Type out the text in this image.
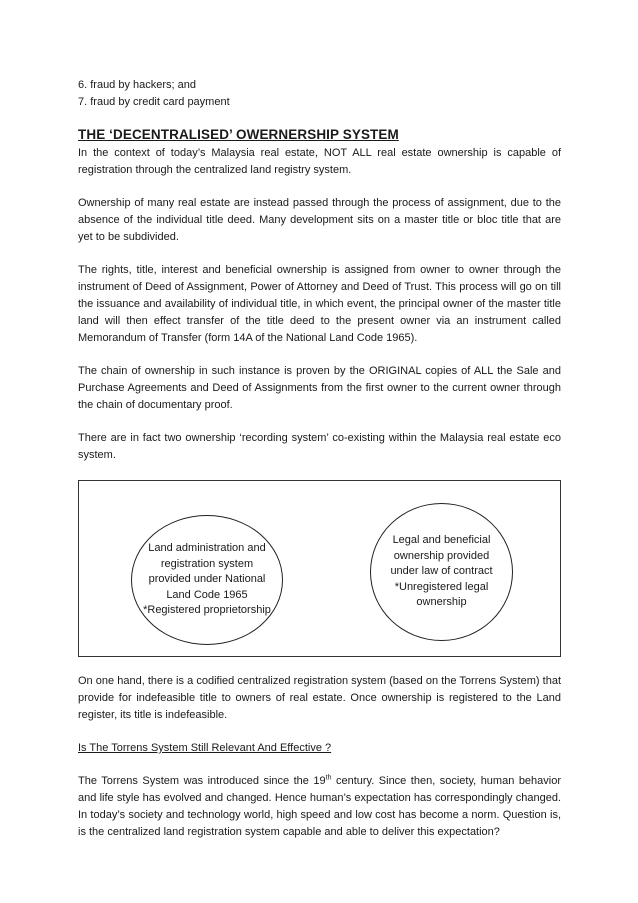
6. fraud by hackers; and

7. fraud by credit card payment

THE ‘DECENTRALISED’ OWERNERSHIP SYSTEM

In the context of today’s Malaysia real estate, NOT ALL real estate ownership is capable of registration through the centralized land registry system.

Ownership of many real estate are instead passed through the process of assignment, due to the absence of the individual title deed. Many development sits on a master title or bloc title that are yet to be subdivided.

The rights, title, interest and beneficial ownership is assigned from owner to owner through the instrument of Deed of Assignment, Power of Attorney and Deed of Trust. This process will go on till the issuance and availability of individual title, in which event, the principal owner of the master title land will then effect transfer of the title deed to the present owner via an instrument called Memorandum of Transfer (form 14A of the National Land Code 1965).

The chain of ownership in such instance is proven by the ORIGINAL copies of ALL the Sale and Purchase Agreements and Deed of Assignments from the first owner to the current owner through the chain of documentary proof.

There are in fact two ownership ‘recording system’ co-existing within the Malaysia real estate eco system.

Land administration and
registration system
provided under National
Land Code 1965
*Registered proprietorship
Legal and beneficial
ownership provided
under law of contract
*Unregistered legal
ownership

On one hand, there is a codified centralized registration system (based on the Torrens System) that provide for indefeasible title to owners of real estate. Once ownership is registered to the Land register, its title is indefeasible.

Is The Torrens System Still Relevant And Effective ?

The Torrens System was introduced since the 19th century. Since then, society, human behavior and life style has evolved and changed. Hence human’s expectation has correspondingly changed. In today’s society and technology world, high speed and low cost has become a norm. Question is, is the centralized land registration system capable and able to deliver this expectation?
